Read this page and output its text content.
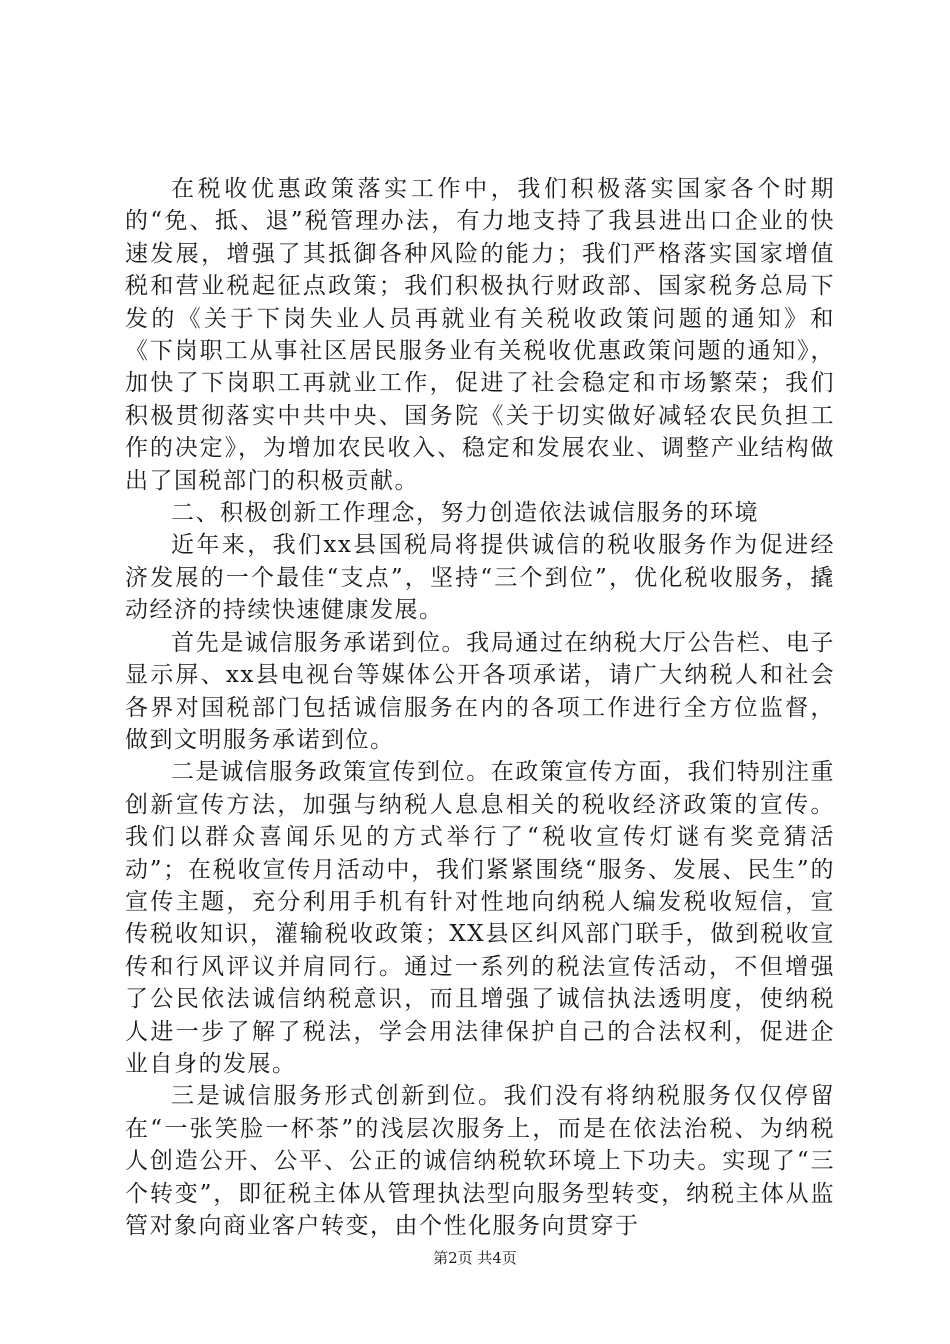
在税收优惠政策落实工作中，我们积极落实国家各个时期的“免、抵、退”税管理办法，有力地支持了我县进出口企业的快速发展，增强了其抵御各种风险的能力；我们严格落实国家增值税和营业税起征点政策；我们积极执行财政部、国家税务总局下发的《关于下岗失业人员再就业有关税收政策问题的通知》和《下岗职工从事社区居民服务业有关税收优惠政策问题的通知》，加快了下岗职工再就业工作，促进了社会稳定和市场繁荣；我们积极贯彻落实中共中央、国务院《关于切实做好减轻农民负担工作的决定》，为增加农民收入、稳定和发展农业、调整产业结构做出了国税部门的积极贡献。

二、积极创新工作理念，努力创造依法诚信服务的环境

近年来，我们xx县国税局将提供诚信的税收服务作为促进经济发展的一个最佳“支点”，坚持“三个到位”，优化税收服务，撬动经济的持续快速健康发展。

首先是诚信服务承诺到位。我局通过在纳税大厅公告栏、电子显示屏、xx县电视台等媒体公开各项承诺，请广大纳税人和社会各界对国税部门包括诚信服务在内的各项工作进行全方位监督，做到文明服务承诺到位。

二是诚信服务政策宣传到位。在政策宣传方面，我们特别注重创新宣传方法，加强与纳税人息息相关的税收经济政策的宣传。我们以群众喜闻乐见的方式举行了“税收宣传灯谜有奖竞猜活动”；在税收宣传月活动中，我们紧紧围绕“服务、发展、民生”的宣传主题，充分利用手机有针对性地向纳税人编发税收短信，宣传税收知识，灌输税收政策；XX县区纠风部门联手，做到税收宣传和行风评议并肩同行。通过一系列的税法宣传活动，不但增强了公民依法诚信纳税意识，而且增强了诚信执法透明度，使纳税人进一步了解了税法，学会用法律保护自己的合法权利，促进企业自身的发展。

三是诚信服务形式创新到位。我们没有将纳税服务仅仅停留在“一张笑脸一杯茶”的浅层次服务上，而是在依法治税、为纳税人创造公开、公平、公正的诚信纳税软环境上下功夫。实现了“三个转变”，即征税主体从管理执法型向服务型转变，纳税主体从监管对象向商业客户转变，由个性化服务向贯穿于

第2页 共4页
